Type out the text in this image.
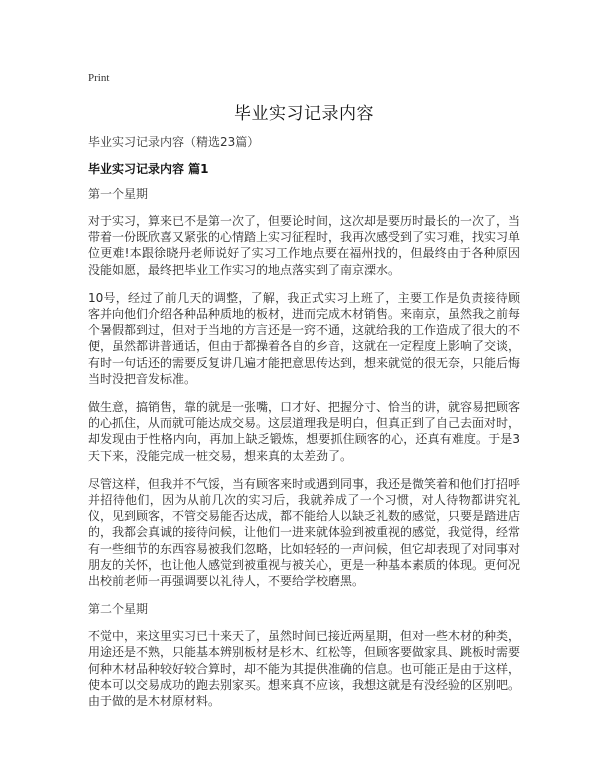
Print
毕业实习记录内容

毕业实习记录内容（精选23篇）

毕业实习记录内容 篇1

第一个星期

对于实习，算来已不是第一次了，但要论时间，这次却是要历时最长的一次了，当带着一份既欣喜又紧张的心情踏上实习征程时，我再次感受到了实习难，找实习单位更难!本跟徐晓丹老师说好了实习工作地点要在福州找的，但最终由于各种原因没能如愿，最终把毕业工作实习的地点落实到了南京溧水。

10号，经过了前几天的调整，了解，我正式实习上班了，主要工作是负责接待顾客并向他们介绍各种品种质地的板材，进而完成木材销售。来南京，虽然我之前每个暑假都到过，但对于当地的方言还是一窍不通，这就给我的工作造成了很大的不便，虽然都讲普通话，但由于都操着各自的乡音，这就在一定程度上影响了交谈，有时一句话还的需要反复讲几遍才能把意思传达到，想来就觉的很无奈，只能后悔当时没把音发标准。

做生意，搞销售，靠的就是一张嘴，口才好、把握分寸、恰当的讲，就容易把顾客的心抓住，从而就可能达成交易。这层道理我是明白，但真正到了自己去面对时，却发现由于性格内向，再加上缺乏锻炼，想要抓住顾客的心，还真有难度。于是3天下来，没能完成一桩交易，想来真的太差劲了。

尽管这样，但我并不气馁，当有顾客来时或遇到同事，我还是微笑着和他们打招呼并招待他们，因为从前几次的实习后，我就养成了一个习惯，对人待物都讲究礼仪，见到顾客，不管交易能否达成，都不能给人以缺乏礼数的感觉，只要是踏进店的，我都会真诚的接待问候，让他们一进来就体验到被重视的感觉，我觉得，经常有一些细节的东西容易被我们忽略，比如轻轻的一声问候，但它却表现了对同事对朋友的关怀，也让他人感觉到被重视与被关心，更是一种基本素质的体现。更何况出校前老师一再强调要以礼待人，不要给学校磨黑。

第二个星期

不觉中，来这里实习已十来天了，虽然时间已接近两星期，但对一些木材的种类，用途还是不熟，只能基本辨别板材是杉木、红松等，但顾客要做家具、跳板时需要何种木材品种较好较合算时，却不能为其提供准确的信息。也可能正是由于这样，使本可以交易成功的跑去别家买。想来真不应该，我想这就是有没经验的区别吧。由于做的是木材原材料。
